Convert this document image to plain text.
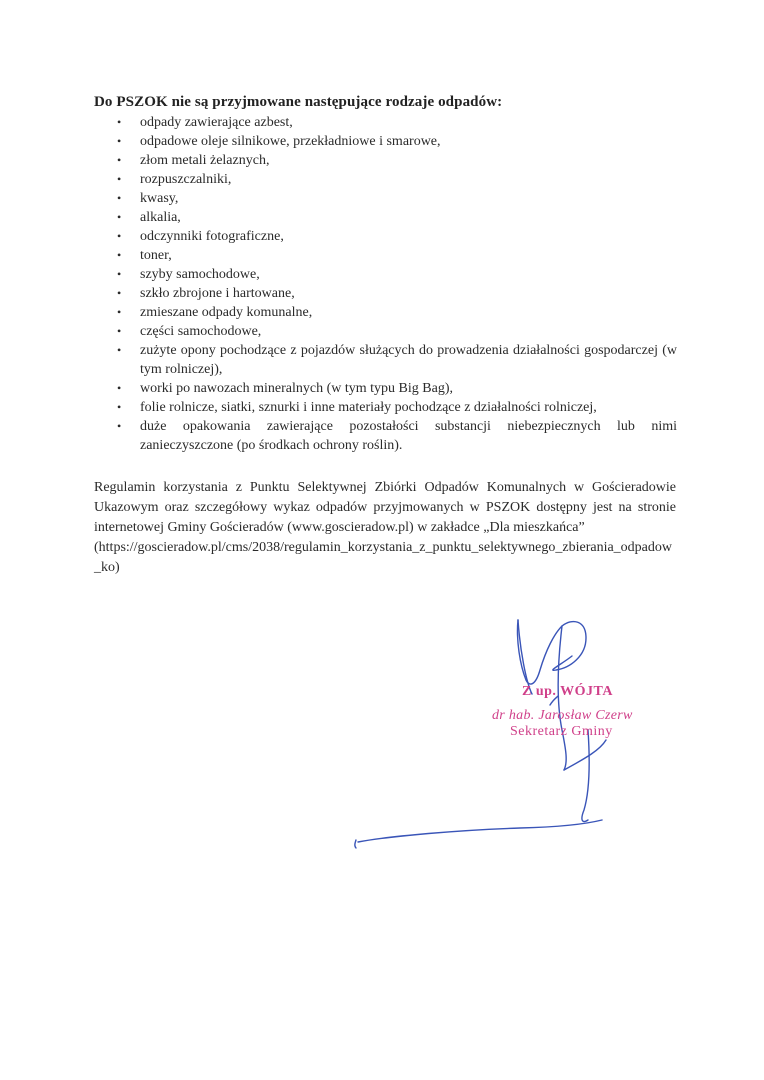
Do PSZOK nie są przyjmowane następujące rodzaje odpadów:

• odpady zawierające azbest,
• odpadowe oleje silnikowe, przekładniowe i smarowe,
• złom metali żelaznych,
• rozpuszczalniki,
• kwasy,
• alkalia,
• odczynniki fotograficzne,
• toner,
• szyby samochodowe,
• szkło zbrojone i hartowane,
• zmieszane odpady komunalne,
• części samochodowe,
• zużyte opony pochodzące z pojazdów służących do prowadzenia działalności gospodarczej (w tym rolniczej),
• worki po nawozach mineralnych (w tym typu Big Bag),
• folie rolnicze, siatki, sznurki i inne materiały pochodzące z działalności rolniczej,
• duże opakowania zawierające pozostałości substancji niebezpiecznych lub nimi zanieczyszczone (po środkach ochrony roślin).

Regulamin korzystania z Punktu Selektywnej Zbiórki Odpadów Komunalnych w Gościeradowie Ukazowym oraz szczegółowy wykaz odpadów przyjmowanych w PSZOK dostępny jest na stronie internetowej Gminy Gościeradów (www.goscieradow.pl) w zakładce „Dla mieszkańca”
(https://goscieradow.pl/cms/2038/regulamin_korzystania_z_punktu_selektywnego_zbierania_odpadow_ko)

Z up. WÓJTA
dr hab. Jarosław Czerw
Sekretarz Gminy
